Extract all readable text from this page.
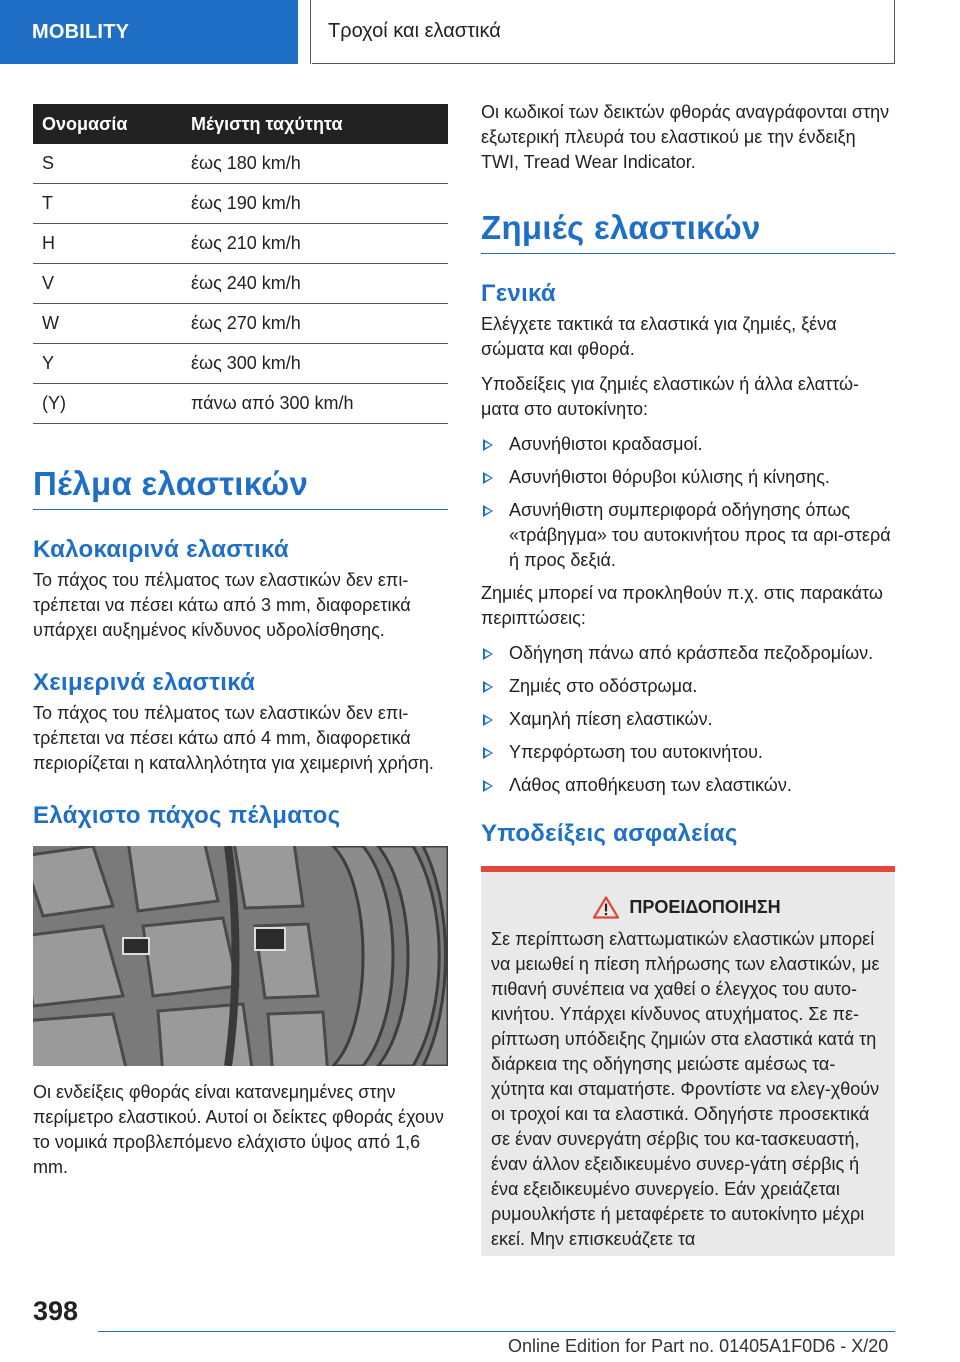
MOBILITY	Τροχοί και ελαστικά
Ονομασία	Μέγιστη ταχύτητα
S	έως 180 km/h
T	έως 190 km/h
H	έως 210 km/h
V	έως 240 km/h
W	έως 270 km/h
Y	έως 300 km/h
(Y)	πάνω από 300 km/h
Πέλμα ελαστικών
Καλοκαιρινά ελαστικά

Το πάχος του πέλματος των ελαστικών δεν επι-τρέπεται να πέσει κάτω από 3 mm, διαφορετικά υπάρχει αυξημένος κίνδυνος υδρολίσθησης.

Χειμερινά ελαστικά

Το πάχος του πέλματος των ελαστικών δεν επι-τρέπεται να πέσει κάτω από 4 mm, διαφορετικά περιορίζεται η καταλληλότητα για χειμερινή χρήση.

Ελάχιστο πάχος πέλματος

Οι ενδείξεις φθοράς είναι κατανεμημένες στην περίμετρο ελαστικού. Αυτοί οι δείκτες φθοράς έχουν το νομικά προβλεπόμενο ελάχιστο ύψος από 1,6 mm.

Οι κωδικοί των δεικτών φθοράς αναγράφονται στην εξωτερική πλευρά του ελαστικού με την ένδειξη TWI, Tread Wear Indicator.

Ζημιές ελαστικών
Γενικά

Ελέγχετε τακτικά τα ελαστικά για ζημιές, ξένα σώματα και φθορά.

Υποδείξεις για ζημιές ελαστικών ή άλλα ελαττώ-ματα στο αυτοκίνητο:

Ασυνήθιστοι κραδασμοί.
Ασυνήθιστοι θόρυβοι κύλισης ή κίνησης.
Ασυνήθιστη συμπεριφορά οδήγησης όπως «τράβηγμα» του αυτοκινήτου προς τα αρι-στερά ή προς δεξιά.

Ζημιές μπορεί να προκληθούν π.χ. στις παρακάτω περιπτώσεις:

Οδήγηση πάνω από κράσπεδα πεζοδρομίων.
Ζημιές στο οδόστρωμα.
Χαμηλή πίεση ελαστικών.
Υπερφόρτωση του αυτοκινήτου.
Λάθος αποθήκευση των ελαστικών.
Υποδείξεις ασφαλείας
ΠΡΟΕΙΔΟΠΟΙΗΣΗ

Σε περίπτωση ελαττωματικών ελαστικών μπορεί να μειωθεί η πίεση πλήρωσης των ελαστικών, με πιθανή συνέπεια να χαθεί ο έλεγχος του αυτο-κινήτου. Υπάρχει κίνδυνος ατυχήματος. Σε πε-ρίπτωση υπόδειξης ζημιών στα ελαστικά κατά τη διάρκεια της οδήγησης μειώστε αμέσως τα-χύτητα και σταματήστε. Φροντίστε να ελεγ-χθούν οι τροχοί και τα ελαστικά. Οδηγήστε προσεκτικά σε έναν συνεργάτη σέρβις του κα-τασκευαστή, έναν άλλον εξειδικευμένο συνερ-γάτη σέρβις ή ένα εξειδικευμένο συνεργείο. Εάν χρειάζεται ρυμουλκήστε ή μεταφέρετε το αυτοκίνητο μέχρι εκεί. Μην επισκευάζετε τα

398
Online Edition for Part no. 01405A1F0D6 - X/20
